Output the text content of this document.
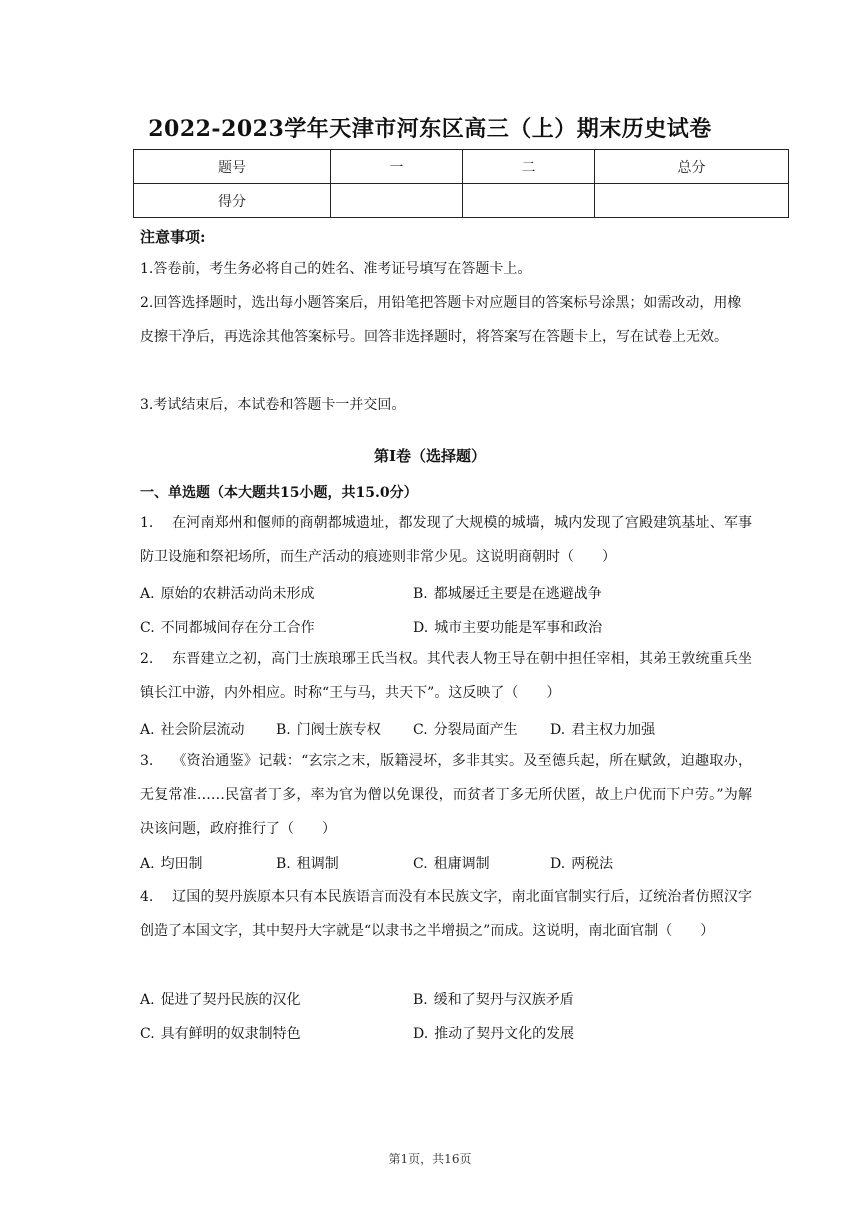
2022-2023学年天津市河东区高三（上）期末历史试卷
题号	一	二	总分
得分			
注意事项:
1.答卷前，考生务必将自己的姓名、准考证号填写在答题卡上。
2.回答选择题时，选出每小题答案后，用铅笔把答题卡对应题目的答案标号涂黑；如需改动，用橡皮擦干净后，再选涂其他答案标号。回答非选择题时，将答案写在答题卡上，写在试卷上无效。
3.考试结束后，本试卷和答题卡一并交回。
第I卷（选择题）
一、单选题（本大题共15小题，共15.0分）
1. 在河南郑州和偃师的商朝都城遗址，都发现了大规模的城墙，城内发现了宫殿建筑基址、军事防卫设施和祭祀场所，而生产活动的痕迹则非常少见。这说明商朝时（　　）
A. 原始的农耕活动尚未形成	B. 都城屡迁主要是在逃避战争
C. 不同都城间存在分工合作	D. 城市主要功能是军事和政治
2. 东晋建立之初，高门士族琅琊王氏当权。其代表人物王导在朝中担任宰相，其弟王敦统重兵坐镇长江中游，内外相应。时称“王与马，共天下”。这反映了（　　）
A. 社会阶层流动 B. 门阀士族专权 C. 分裂局面产生 D. 君主权力加强
3. 《资治通鉴》记载：“玄宗之末，版籍浸坏，多非其实。及至德兵起，所在赋敛，迫趣取办，无复常准……民富者丁多，率为官为僧以免课役，而贫者丁多无所伏匿，故上户优而下户劳。”为解决该问题，政府推行了（　　）
A. 均田制	B. 租调制	C. 租庸调制	D. 两税法
4. 辽国的契丹族原本只有本民族语言而没有本民族文字，南北面官制实行后，辽统治者仿照汉字创造了本国文字，其中契丹大字就是“以隶书之半增损之”而成。这说明，南北面官制（　　）
A. 促进了契丹民族的汉化	B. 缓和了契丹与汉族矛盾
C. 具有鲜明的奴隶制特色	D. 推动了契丹文化的发展
第1页，共16页
